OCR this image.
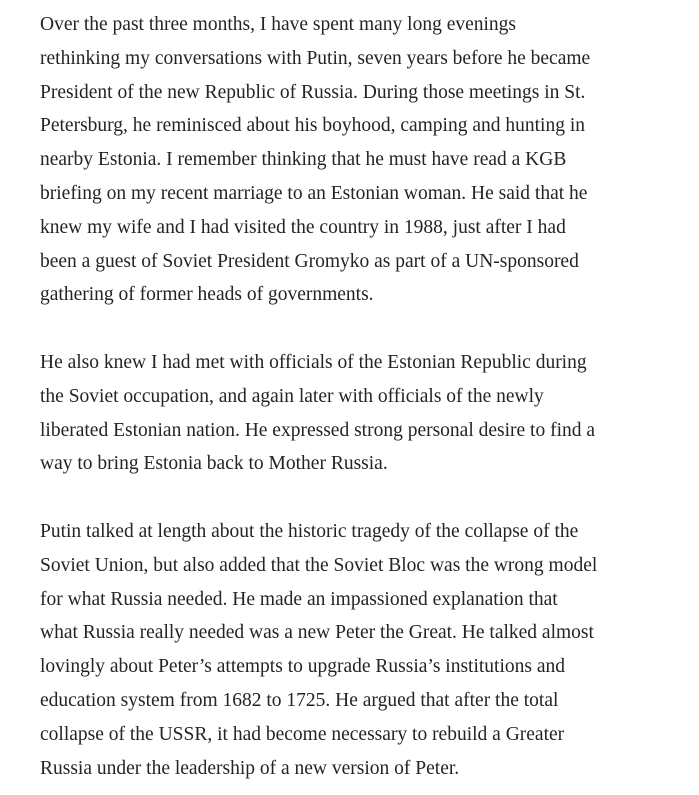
Over the past three months, I have spent many long evenings
rethinking my conversations with Putin, seven years before he became
President of the new Republic of Russia. During those meetings in St.
Petersburg, he reminisced about his boyhood, camping and hunting in
nearby Estonia. I remember thinking that he must have read a KGB
briefing on my recent marriage to an Estonian woman. He said that he
knew my wife and I had visited the country in 1988, just after I had
been a guest of Soviet President Gromyko as part of a UN-sponsored
gathering of former heads of governments.

He also knew I had met with officials of the Estonian Republic during
the Soviet occupation, and again later with officials of the newly
liberated Estonian nation. He expressed strong personal desire to find a
way to bring Estonia back to Mother Russia.

Putin talked at length about the historic tragedy of the collapse of the
Soviet Union, but also added that the Soviet Bloc was the wrong model
for what Russia needed. He made an impassioned explanation that
what Russia really needed was a new Peter the Great. He talked almost
lovingly about Peter’s attempts to upgrade Russia’s institutions and
education system from 1682 to 1725. He argued that after the total
collapse of the USSR, it had become necessary to rebuild a Greater
Russia under the leadership of a new version of Peter.
